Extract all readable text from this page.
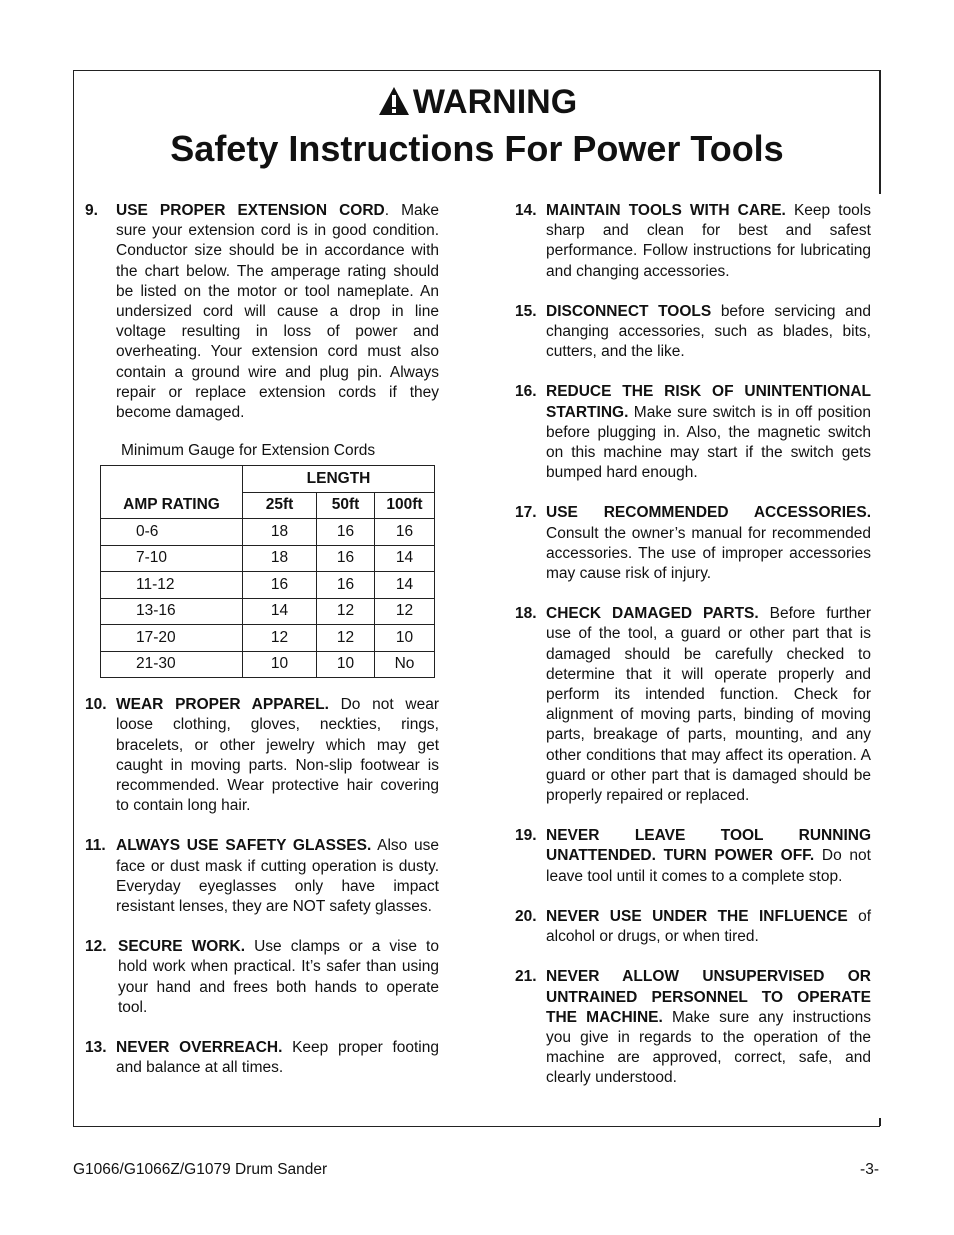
WARNING
Safety Instructions For Power Tools
9.	USE PROPER EXTENSION CORD. Make sure your extension cord is in good condition. Conductor size should be in accordance with the chart below. The amperage rating should be listed on the motor or tool nameplate. An undersized cord will cause a drop in line voltage resulting in loss of power and overheating. Your extension cord must also contain a ground wire and plug pin. Always repair or replace extension cords if they become damaged.
Minimum Gauge for Extension Cords
AMP RATING	LENGTH		
	25ft	50ft	100ft
0-6	18	16	16
7-10	18	16	14
11-12	16	16	14
13-16	14	12	12
17-20	12	12	10
21-30	10	10	No
10. WEAR PROPER APPAREL. Do not wear loose clothing, gloves, neckties, rings, bracelets, or other jewelry which may get caught in moving parts. Non-slip footwear is recommended. Wear protective hair covering to contain long hair.
11. ALWAYS USE SAFETY GLASSES. Also use face or dust mask if cutting operation is dusty. Everyday eyeglasses only have impact resistant lenses, they are NOT safety glasses.
12. SECURE WORK. Use clamps or a vise to hold work when practical. It’s safer than using your hand and frees both hands to operate tool.
13. NEVER OVERREACH. Keep proper footing and balance at all times.
14. MAINTAIN TOOLS WITH CARE. Keep tools sharp and clean for best and safest performance. Follow instructions for lubricating and changing accessories.
15. DISCONNECT TOOLS before servicing and changing accessories, such as blades, bits, cutters, and the like.
16. REDUCE THE RISK OF UNINTENTIONAL STARTING. Make sure switch is in off position before plugging in. Also, the magnetic switch on this machine may start if the switch gets bumped hard enough.
17. USE RECOMMENDED ACCESSORIES. Consult the owner’s manual for recommended accessories. The use of improper accessories may cause risk of injury.
18. CHECK DAMAGED PARTS. Before further use of the tool, a guard or other part that is damaged should be carefully checked to determine that it will operate properly and perform its intended function. Check for alignment of moving parts, binding of moving parts, breakage of parts, mounting, and any other conditions that may affect its operation. A guard or other part that is damaged should be properly repaired or replaced.
19. NEVER LEAVE TOOL RUNNING UNATTENDED. TURN POWER OFF. Do not leave tool until it comes to a complete stop.
20. NEVER USE UNDER THE INFLUENCE of alcohol or drugs, or when tired.
21. NEVER ALLOW UNSUPERVISED OR UNTRAINED PERSONNEL TO OPERATE THE MACHINE. Make sure any instructions you give in regards to the operation of the machine are approved, correct, safe, and clearly understood.
G1066/G1066Z/G1079 Drum Sander	-3-
